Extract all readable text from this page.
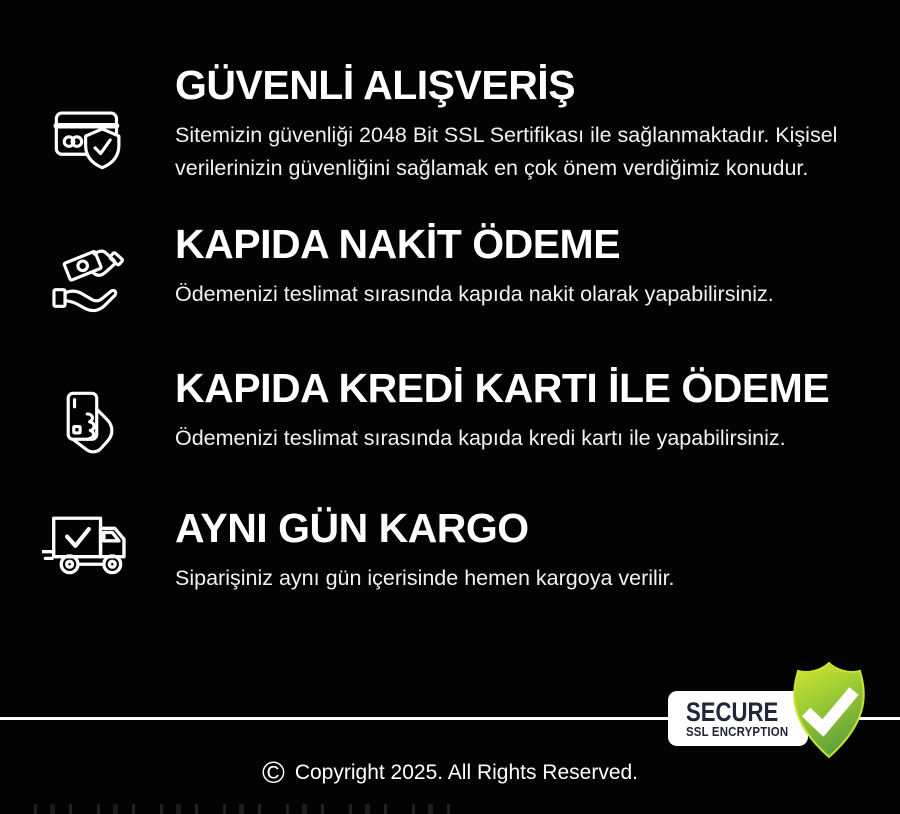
GÜVENLİ ALIŞVERİŞ

Sitemizin güvenliği 2048 Bit SSL Sertifikası ile sağlanmaktadır. Kişisel verilerinizin güvenliğini sağlamak en çok önem verdiğimiz konudur.

KAPIDA NAKİT ÖDEME

Ödemenizi teslimat sırasında kapıda nakit olarak yapabilirsiniz.

KAPIDA KREDİ KARTI İLE ÖDEME

Ödemenizi teslimat sırasında kapıda kredi kartı ile yapabilirsiniz.

AYNI GÜN KARGO

Siparişiniz aynı gün içerisinde hemen kargoya verilir.

SECURE
SSL ENCRYPTION
© Copyright 2025. All Rights Reserved.
